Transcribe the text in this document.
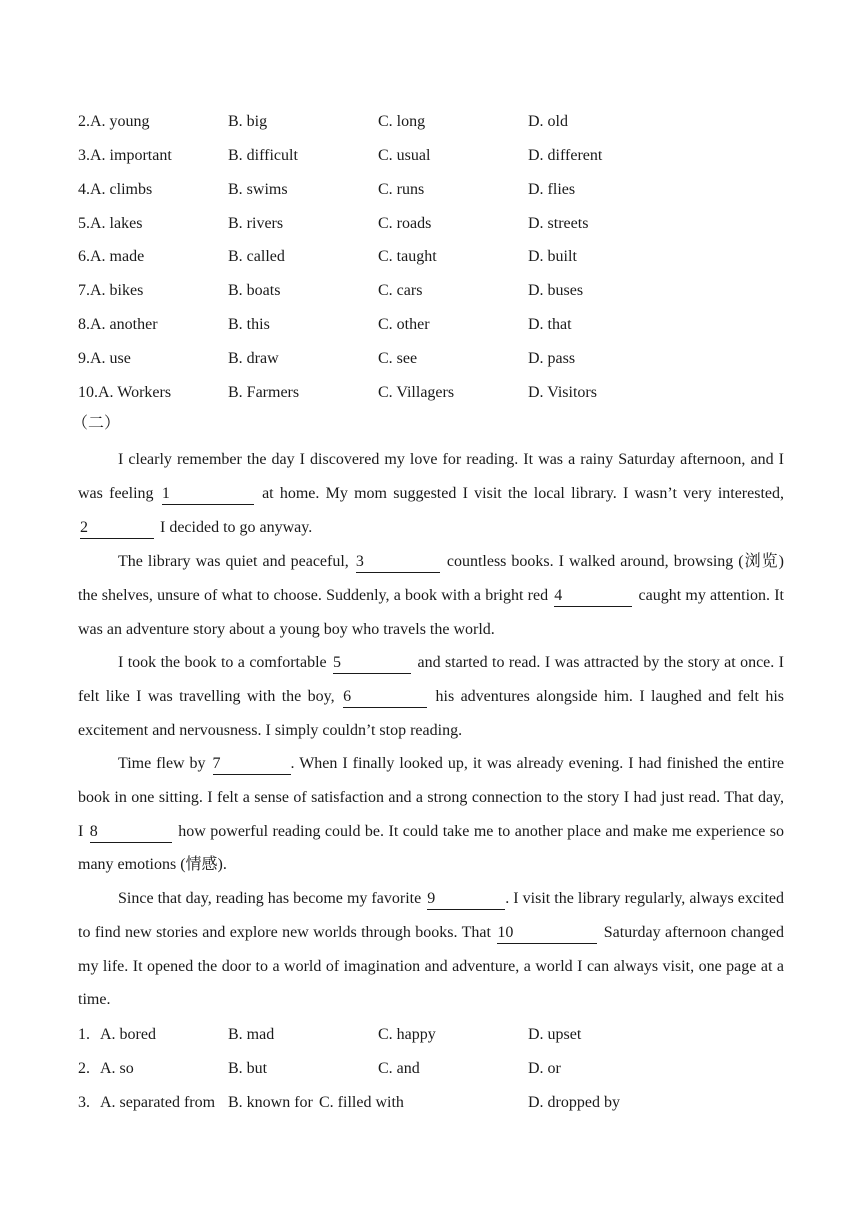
2.A. young	B. big	C. long	D. old
3.A. important	B. difficult	C. usual	D. different
4.A. climbs	B. swims	C. runs	D. flies
5.A. lakes	B. rivers	C. roads	D. streets
6.A. made	B. called	C. taught	D. built
7.A. bikes	B. boats	C. cars	D. buses
8.A. another	B. this	C. other	D. that
9.A. use	B. draw	C. see	D. pass
10.A. Workers	B. Farmers	C. Villagers	D. Visitors
（二）
I clearly remember the day I discovered my love for reading. It was a rainy Saturday afternoon, and I was feeling 1	at home. My mom suggested I visit the local library. I wasn’t very interested, 2	I decided to go anyway.
The library was quiet and peaceful, 3	countless books. I walked around, browsing (浏览) the shelves, unsure of what to choose. Suddenly, a book with a bright red 4	caught my attention. It was an adventure story about a young boy who travels the world.
I took the book to a comfortable 5	and started to read. I was attracted by the story at once. I felt like I was travelling with the boy, 6	his adventures alongside him. I laughed and felt his excitement and nervousness. I simply couldn’t stop reading.
Time flew by 7	. When I finally looked up, it was already evening. I had finished the entire book in one sitting. I felt a sense of satisfaction and a strong connection to the story I had just read. That day, I 8	how powerful reading could be. It could take me to another place and make me experience so many emotions (情感).
Since that day, reading has become my favorite 9	. I visit the library regularly, always excited to find new stories and explore new worlds through books. That 10	Saturday afternoon changed my life. It opened the door to a world of imagination and adventure, a world I can always visit, one page at a time.
1. A. bored	B. mad	C. happy	D. upset
2. A. so	B. but	C. and	D. or
3. A. separated from B. known for C. filled with	D. dropped by
